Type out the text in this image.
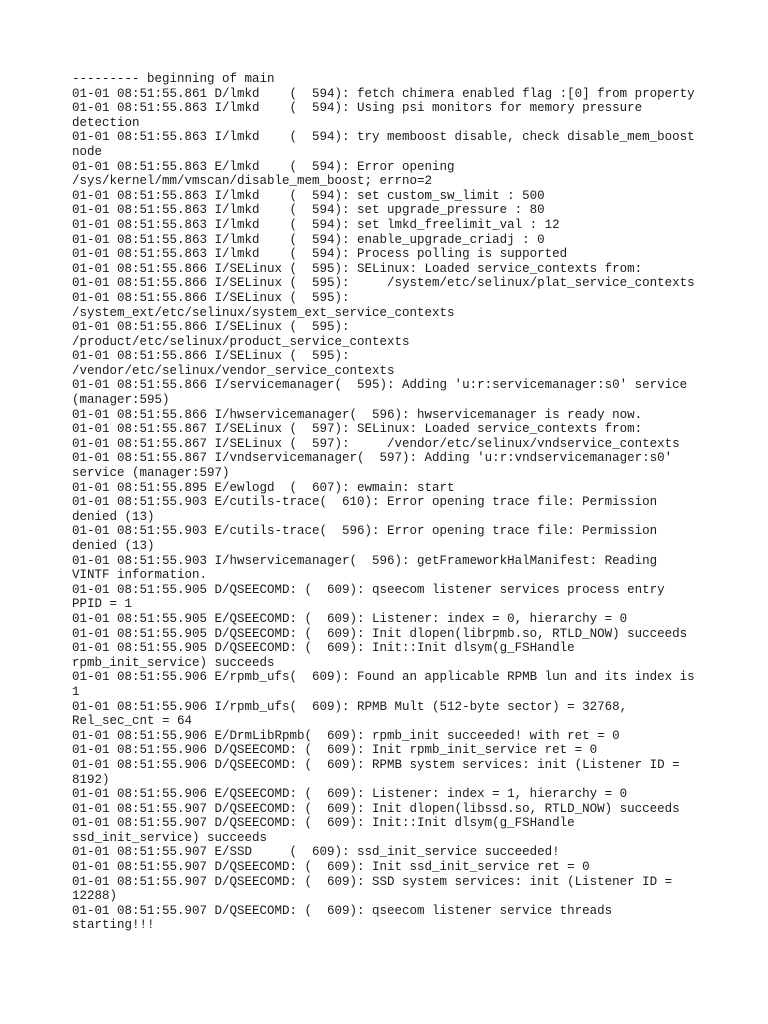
--------- beginning of main
01-01 08:51:55.861 D/lmkd    (  594): fetch chimera enabled flag :[0] from property
01-01 08:51:55.863 I/lmkd    (  594): Using psi monitors for memory pressure
detection
01-01 08:51:55.863 I/lmkd    (  594): try memboost disable, check disable_mem_boost
node
01-01 08:51:55.863 E/lmkd    (  594): Error opening
/sys/kernel/mm/vmscan/disable_mem_boost; errno=2
01-01 08:51:55.863 I/lmkd    (  594): set custom_sw_limit : 500
01-01 08:51:55.863 I/lmkd    (  594): set upgrade_pressure : 80
01-01 08:51:55.863 I/lmkd    (  594): set lmkd_freelimit_val : 12
01-01 08:51:55.863 I/lmkd    (  594): enable_upgrade_criadj : 0
01-01 08:51:55.863 I/lmkd    (  594): Process polling is supported
01-01 08:51:55.866 I/SELinux (  595): SELinux: Loaded service_contexts from:
01-01 08:51:55.866 I/SELinux (  595):     /system/etc/selinux/plat_service_contexts
01-01 08:51:55.866 I/SELinux (  595):
/system_ext/etc/selinux/system_ext_service_contexts
01-01 08:51:55.866 I/SELinux (  595):
/product/etc/selinux/product_service_contexts
01-01 08:51:55.866 I/SELinux (  595):
/vendor/etc/selinux/vendor_service_contexts
01-01 08:51:55.866 I/servicemanager(  595): Adding 'u:r:servicemanager:s0' service
(manager:595)
01-01 08:51:55.866 I/hwservicemanager(  596): hwservicemanager is ready now.
01-01 08:51:55.867 I/SELinux (  597): SELinux: Loaded service_contexts from:
01-01 08:51:55.867 I/SELinux (  597):     /vendor/etc/selinux/vndservice_contexts
01-01 08:51:55.867 I/vndservicemanager(  597): Adding 'u:r:vndservicemanager:s0'
service (manager:597)
01-01 08:51:55.895 E/ewlogd  (  607): ewmain: start
01-01 08:51:55.903 E/cutils-trace(  610): Error opening trace file: Permission
denied (13)
01-01 08:51:55.903 E/cutils-trace(  596): Error opening trace file: Permission
denied (13)
01-01 08:51:55.903 I/hwservicemanager(  596): getFrameworkHalManifest: Reading
VINTF information.
01-01 08:51:55.905 D/QSEECOMD: (  609): qseecom listener services process entry
PPID = 1
01-01 08:51:55.905 E/QSEECOMD: (  609): Listener: index = 0, hierarchy = 0
01-01 08:51:55.905 D/QSEECOMD: (  609): Init dlopen(librpmb.so, RTLD_NOW) succeeds
01-01 08:51:55.905 D/QSEECOMD: (  609): Init::Init dlsym(g_FSHandle
rpmb_init_service) succeeds
01-01 08:51:55.906 E/rpmb_ufs(  609): Found an applicable RPMB lun and its index is
1
01-01 08:51:55.906 I/rpmb_ufs(  609): RPMB Mult (512-byte sector) = 32768,
Rel_sec_cnt = 64
01-01 08:51:55.906 E/DrmLibRpmb(  609): rpmb_init succeeded! with ret = 0
01-01 08:51:55.906 D/QSEECOMD: (  609): Init rpmb_init_service ret = 0
01-01 08:51:55.906 D/QSEECOMD: (  609): RPMB system services: init (Listener ID =
8192)
01-01 08:51:55.906 E/QSEECOMD: (  609): Listener: index = 1, hierarchy = 0
01-01 08:51:55.907 D/QSEECOMD: (  609): Init dlopen(libssd.so, RTLD_NOW) succeeds
01-01 08:51:55.907 D/QSEECOMD: (  609): Init::Init dlsym(g_FSHandle
ssd_init_service) succeeds
01-01 08:51:55.907 E/SSD     (  609): ssd_init_service succeeded!
01-01 08:51:55.907 D/QSEECOMD: (  609): Init ssd_init_service ret = 0
01-01 08:51:55.907 D/QSEECOMD: (  609): SSD system services: init (Listener ID =
12288)
01-01 08:51:55.907 D/QSEECOMD: (  609): qseecom listener service threads
starting!!!
